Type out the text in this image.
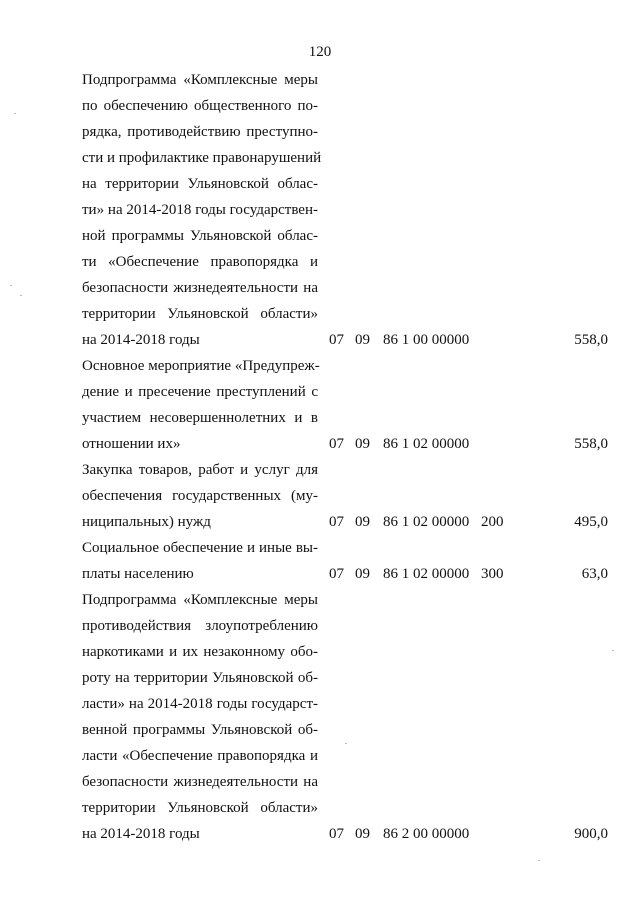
120
Подпрограмма «Комплексные меры
по обеспечению общественного по-
рядка, противодействию преступно-
сти и профилактике правонарушений
на территории Ульяновской облас-
ти» на 2014-2018 годы государствен-
ной программы Ульяновской облас-
ти «Обеспечение правопорядка и
безопасности жизнедеятельности на
территории Ульяновской области»
на 2014-2018 годы	07 09 86 1 00 00000	558,0
Основное мероприятие «Предупреж-
дение и пресечение преступлений с
участием несовершеннолетних и в
отношении их»	07 09 86 1 02 00000	558,0
Закупка товаров, работ и услуг для
обеспечения государственных (му-
ниципальных) нужд	07 09 86 1 02 00000 200	495,0
Социальное обеспечение и иные вы-
платы населению	07 09 86 1 02 00000 300	63,0
Подпрограмма «Комплексные меры
противодействия злоупотреблению
наркотиками и их незаконному обо-
роту на территории Ульяновской об-
ласти» на 2014-2018 годы государст-
венной программы Ульяновской об-
ласти «Обеспечение правопорядка и
безопасности жизнедеятельности на
территории Ульяновской области»
на 2014-2018 годы	07 09 86 2 00 00000	900,0
